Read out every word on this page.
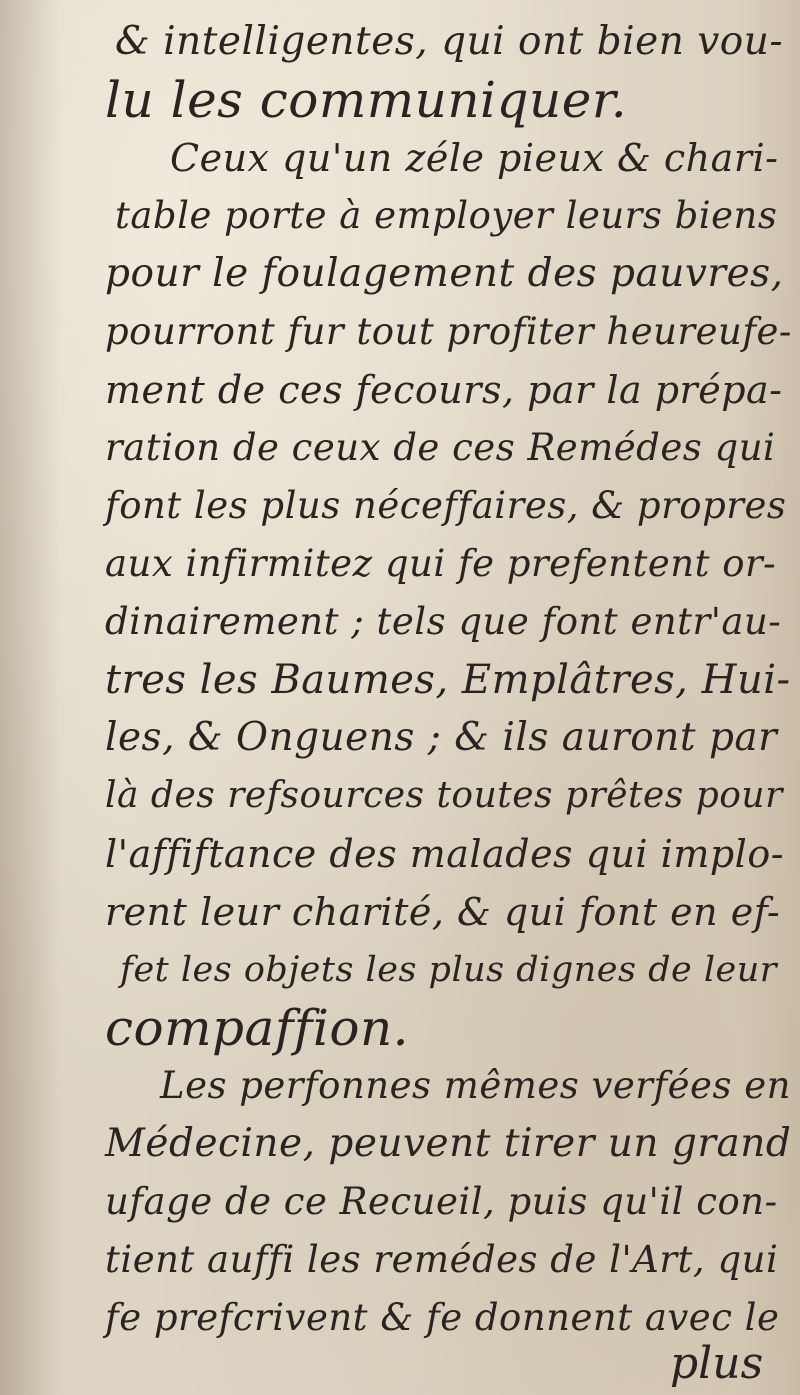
& intelligentes, qui ont bien vou-
lu les communiquer.
Ceux qu'un zéle pieux & chari-
table porte à employer leurs biens
pour le foulagement des pauvres,
pourront fur tout profiter heureufe-
ment de ces fecours, par la prépa-
ration de ceux de ces Remédes qui
font les plus néceffaires, & propres
aux infirmitez qui fe prefentent or-
dinairement ; tels que font entr'au-
tres les Baumes, Emplâtres, Hui-
les, & Onguens ; & ils auront par
là des refsources toutes prêtes pour
l'affiftance des malades qui implo-
rent leur charité, & qui font en ef-
fet les objets les plus dignes de leur
compaffion.
Les perfonnes mêmes verfées en
Médecine, peuvent tirer un grand
ufage de ce Recueil, puis qu'il con-
tient auffi les remédes de l'Art, qui
fe prefcrivent & fe donnent avec le
plus
